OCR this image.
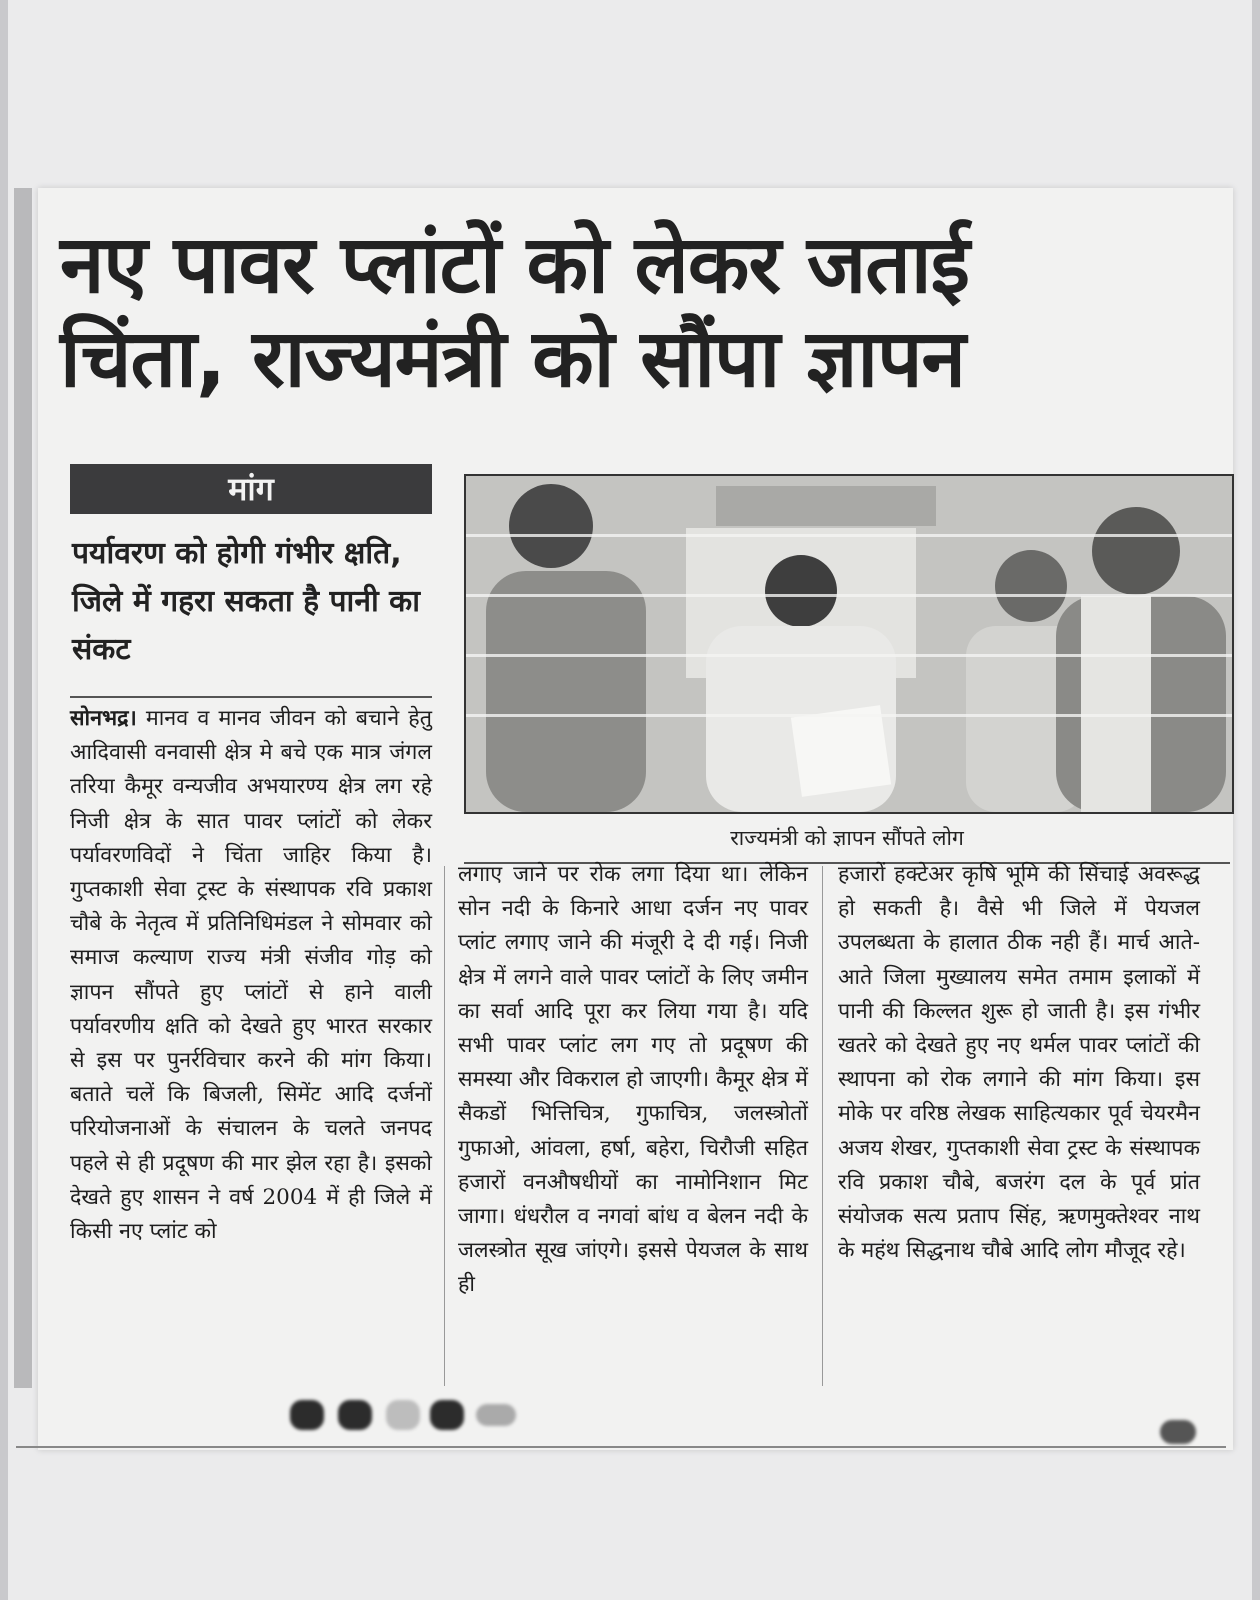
नए पावर प्लांटों को लेकर जताई
चिंता, राज्यमंत्री को सौंपा ज्ञापन
मांग
पर्यावरण को होगी गंभीर क्षति, जिले में गहरा सकता है पानी का संकट
राज्यमंत्री को ज्ञापन सौंपते लोग
सोनभद्र। मानव व मानव जीवन को बचाने हेतु आदिवासी वनवासी क्षेत्र मे बचे एक मात्र जंगल तरिया कैमूर वन्यजीव अभयारण्य क्षेत्र लग रहे निजी क्षेत्र के सात पावर प्लांटों को लेकर पर्यावरणविदों ने चिंता जाहिर किया है। गुप्तकाशी सेवा ट्रस्ट के संस्थापक रवि प्रकाश चौबे के नेतृत्व में प्रतिनिधिमंडल ने सोमवार को समाज कल्याण राज्य मंत्री संजीव गोड़ को ज्ञापन सौंपते हुए प्लांटों से हाने वाली पर्यावरणीय क्षति को देखते हुए भारत सरकार से इस पर पुनर्रविचार करने की मांग किया। बताते चलें कि बिजली, सिमेंट आदि दर्जनों परियोजनाओं के संचालन के चलते जनपद पहले से ही प्रदूषण की मार झेल रहा है। इसको देखते हुए शासन ने वर्ष 2004 में ही जिले में किसी नए प्लांट को
लगाए जाने पर रोक लगा दिया था। लेकिन सोन नदी के किनारे आधा दर्जन नए पावर प्लांट लगाए जाने की मंजूरी दे दी गई। निजी क्षेत्र में लगने वाले पावर प्लांटों के लिए जमीन का सर्वा आदि पूरा कर लिया गया है। यदि सभी पावर प्लांट लग गए तो प्रदूषण की समस्या और विकराल हो जाएगी। कैमूर क्षेत्र में सैकडों भित्तिचित्र, गुफाचित्र, जलस्त्रोतों गुफाओ, आंवला, हर्षा, बहेरा, चिरौजी सहित हजारों वनऔषधीयों का नामोनिशान मिट जागा। धंधरौल व नगवां बांध व बेलन नदी के जलस्त्रोत सूख जांएगे। इससे पेयजल के साथ ही
हजारों हक्टेअर कृषि भूमि की सिंचाई अवरूद्ध हो सकती है। वैसे भी जिले में पेयजल उपलब्धता के हालात ठीक नही हैं। मार्च आते-आते जिला मुख्यालय समेत तमाम इलाकों में पानी की किल्लत शुरू हो जाती है। इस गंभीर खतरे को देखते हुए नए थर्मल पावर प्लांटों की स्थापना को रोक लगाने की मांग किया। इस मोके पर वरिष्ठ लेखक साहित्यकार पूर्व चेयरमैन अजय शेखर, गुप्तकाशी सेवा ट्रस्ट के संस्थापक रवि प्रकाश चौबे, बजरंग दल के पूर्व प्रांत संयोजक सत्य प्रताप सिंह, ऋणमुक्तेश्वर नाथ के महंथ सिद्धनाथ चौबे आदि लोग मौजूद रहे।
